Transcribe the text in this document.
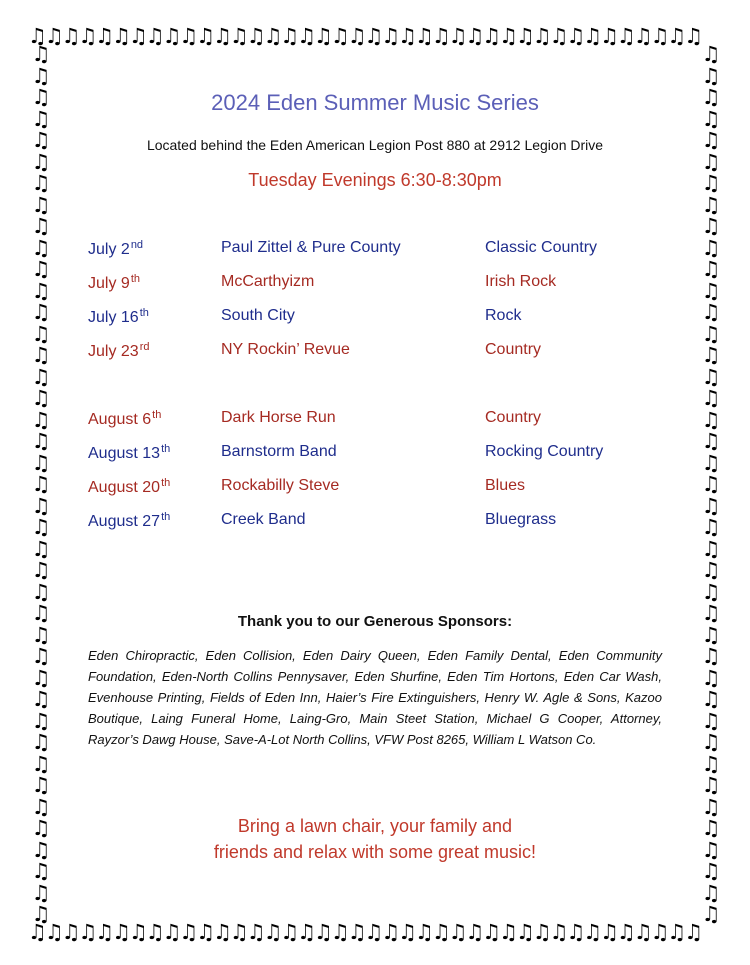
♫♫♫♫♫♫♫♫♫♫♫♫♫♫♫♫♫♫♫♫♫♫♫♫♫♫♫♫♫♫♫♫♫♫♫♫♫♫♫♫
♫♫♫♫♫♫♫♫♫♫♫♫♫♫♫♫♫♫♫♫♫♫♫♫♫♫♫♫♫♫♫♫♫♫♫♫♫♫♫♫
♫
♫
♫
♫
♫
♫
♫
♫
♫
♫
♫
♫
♫
♫
♫
♫
♫
♫
♫
♫
♫
♫
♫
♫
♫
♫
♫
♫
♫
♫
♫
♫
♫
♫
♫
♫
♫
♫
♫
♫
♫
♫
♫
♫
♫
♫
♫
♫
♫
♫
♫
♫
♫
♫
♫
♫
♫
♫
♫
♫
♫
♫
♫
♫
♫
♫
♫
♫
♫
♫
♫
♫
♫
♫
♫
♫
♫
♫
♫
♫
♫
♫
2024 Eden Summer Music Series
Located behind the Eden American Legion Post 880 at 2912 Legion Drive
Tuesday Evenings 6:30-8:30pm
July 2nd	Paul Zittel & Pure County	Classic Country
July 9th	McCarthyizm	Irish Rock
July 16th	South City	Rock
July 23rd	NY Rockin’ Revue	Country
August 6th	Dark Horse Run	Country
August 13th	Barnstorm Band	Rocking Country
August 20th	Rockabilly Steve	Blues
August 27th	Creek Band	Bluegrass
Thank you to our Generous Sponsors:
Eden Chiropractic, Eden Collision, Eden Dairy Queen, Eden Family Dental, Eden Community Foundation, Eden-North Collins Pennysaver, Eden Shurfine, Eden Tim Hortons, Eden Car Wash, Evenhouse Printing, Fields of Eden Inn, Haier’s Fire Extinguishers, Henry W. Agle & Sons, Kazoo Boutique, Laing Funeral Home, Laing-Gro, Main Steet Station, Michael G Cooper, Attorney, Rayzor’s Dawg House, Save-A-Lot North Collins, VFW Post 8265, William L Watson Co.
Bring a lawn chair, your family and
friends and relax with some great music!
